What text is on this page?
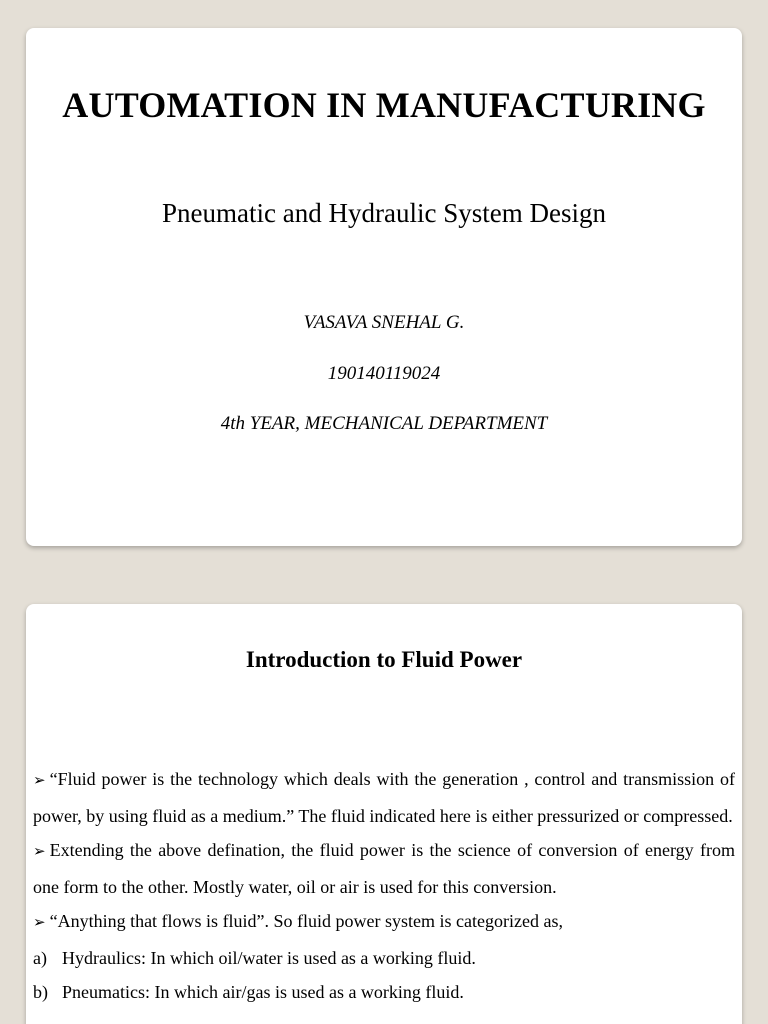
AUTOMATION IN MANUFACTURING

Pneumatic and Hydraulic System Design

VASAVA SNEHAL G.

190140119024

4th YEAR, MECHANICAL DEPARTMENT

Introduction to Fluid Power

➢ “Fluid power is the technology which deals with the generation , control and transmission of power, by using fluid as a medium.” The fluid indicated here is either pressurized or compressed.

➢ Extending the above defination, the fluid power is the science of conversion of energy from one form to the other. Mostly water, oil or air is used for this conversion.

➢ “Anything that flows is fluid”. So fluid power system is categorized as,

a) Hydraulics: In which oil/water is used as a working fluid.

b) Pneumatics: In which air/gas is used as a working fluid.
